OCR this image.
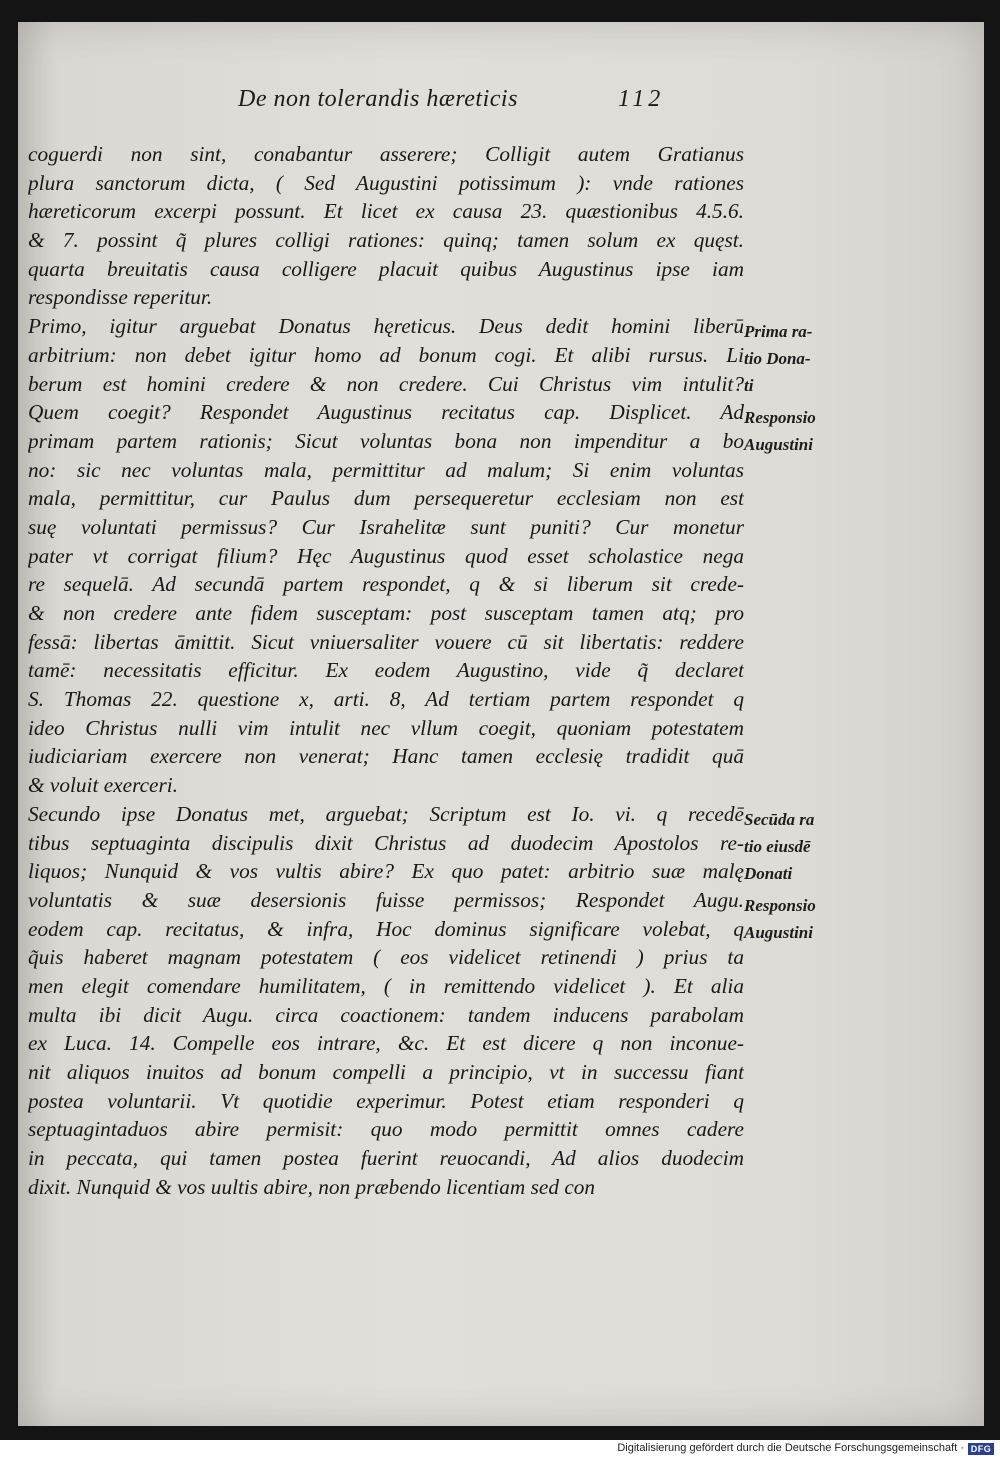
De non tolerandis hæreticis	112
coguerdi non sint, conabantur asserere; Colligit autem Gratianus
plura sanctorum dicta, ( Sed Augustini potissimum ): vnde rationes
hæreticorum excerpi possunt. Et licet ex causa 23. quæstionibus 4.5.6.
& 7. possint q̃ plures colligi rationes: quinq; tamen solum ex quęst.
quarta breuitatis causa colligere placuit quibus Augustinus ipse iam
respondisse reperitur.
Primo, igitur arguebat Donatus hęreticus. Deus dedit homini liberū
arbitrium: non debet igitur homo ad bonum cogi. Et alibi rursus. Li
berum est homini credere & non credere. Cui Christus vim intulit?
Quem coegit? Respondet Augustinus recitatus cap. Displicet. Ad
primam partem rationis; Sicut voluntas bona non impenditur a bo
no: sic nec voluntas mala, permittitur ad malum; Si enim voluntas
mala, permittitur, cur Paulus dum persequeretur ecclesiam non est
suę voluntati permissus? Cur Israhelitæ sunt puniti? Cur monetur
pater vt corrigat filium? Hęc Augustinus quod esset scholastice nega
re sequelā. Ad secundā partem respondet, q & si liberum sit crede-
& non credere ante fidem susceptam: post susceptam tamen atq; pro
fessā: libertas āmittit. Sicut vniuersaliter vouere cū sit libertatis: reddere
tamē: necessitatis efficitur. Ex eodem Augustino, vide q̃ declaret
S. Thomas 22. questione x, arti. 8, Ad tertiam partem respondet q
ideo Christus nulli vim intulit nec vllum coegit, quoniam potestatem
iudiciariam exercere non venerat; Hanc tamen ecclesię tradidit quā
& voluit exerceri.
Secundo ipse Donatus met, arguebat; Scriptum est Io. vi. q recedē
tibus septuaginta discipulis dixit Christus ad duodecim Apostolos re-
liquos; Nunquid & vos vultis abire? Ex quo patet: arbitrio suæ malę
voluntatis & suæ desersionis fuisse permissos; Respondet Augu.
eodem cap. recitatus, & infra, Hoc dominus significare volebat, q
q̃uis haberet magnam potestatem ( eos videlicet retinendi ) prius ta
men elegit comendare humilitatem, ( in remittendo videlicet ). Et alia
multa ibi dicit Augu. circa coactionem: tandem inducens parabolam
ex Luca. 14. Compelle eos intrare, &c. Et est dicere q non inconue-
nit aliquos inuitos ad bonum compelli a principio, vt in successu fiant
postea voluntarii. Vt quotidie experimur. Potest etiam responderi q
septuagintaduos abire permisit: quo modo permittit omnes cadere
in peccata, qui tamen postea fuerint reuocandi, Ad alios duodecim
dixit. Nunquid & vos uultis abire, non præbendo licentiam sed con
Prima ra-
tio Dona-
ti
Responsio
Augustini
Secūda ra
tio eiusdē
Donati
Responsio
Augustini
Digitalisierung gefördert durch die Deutsche Forschungsgemeinschaft · DFG
